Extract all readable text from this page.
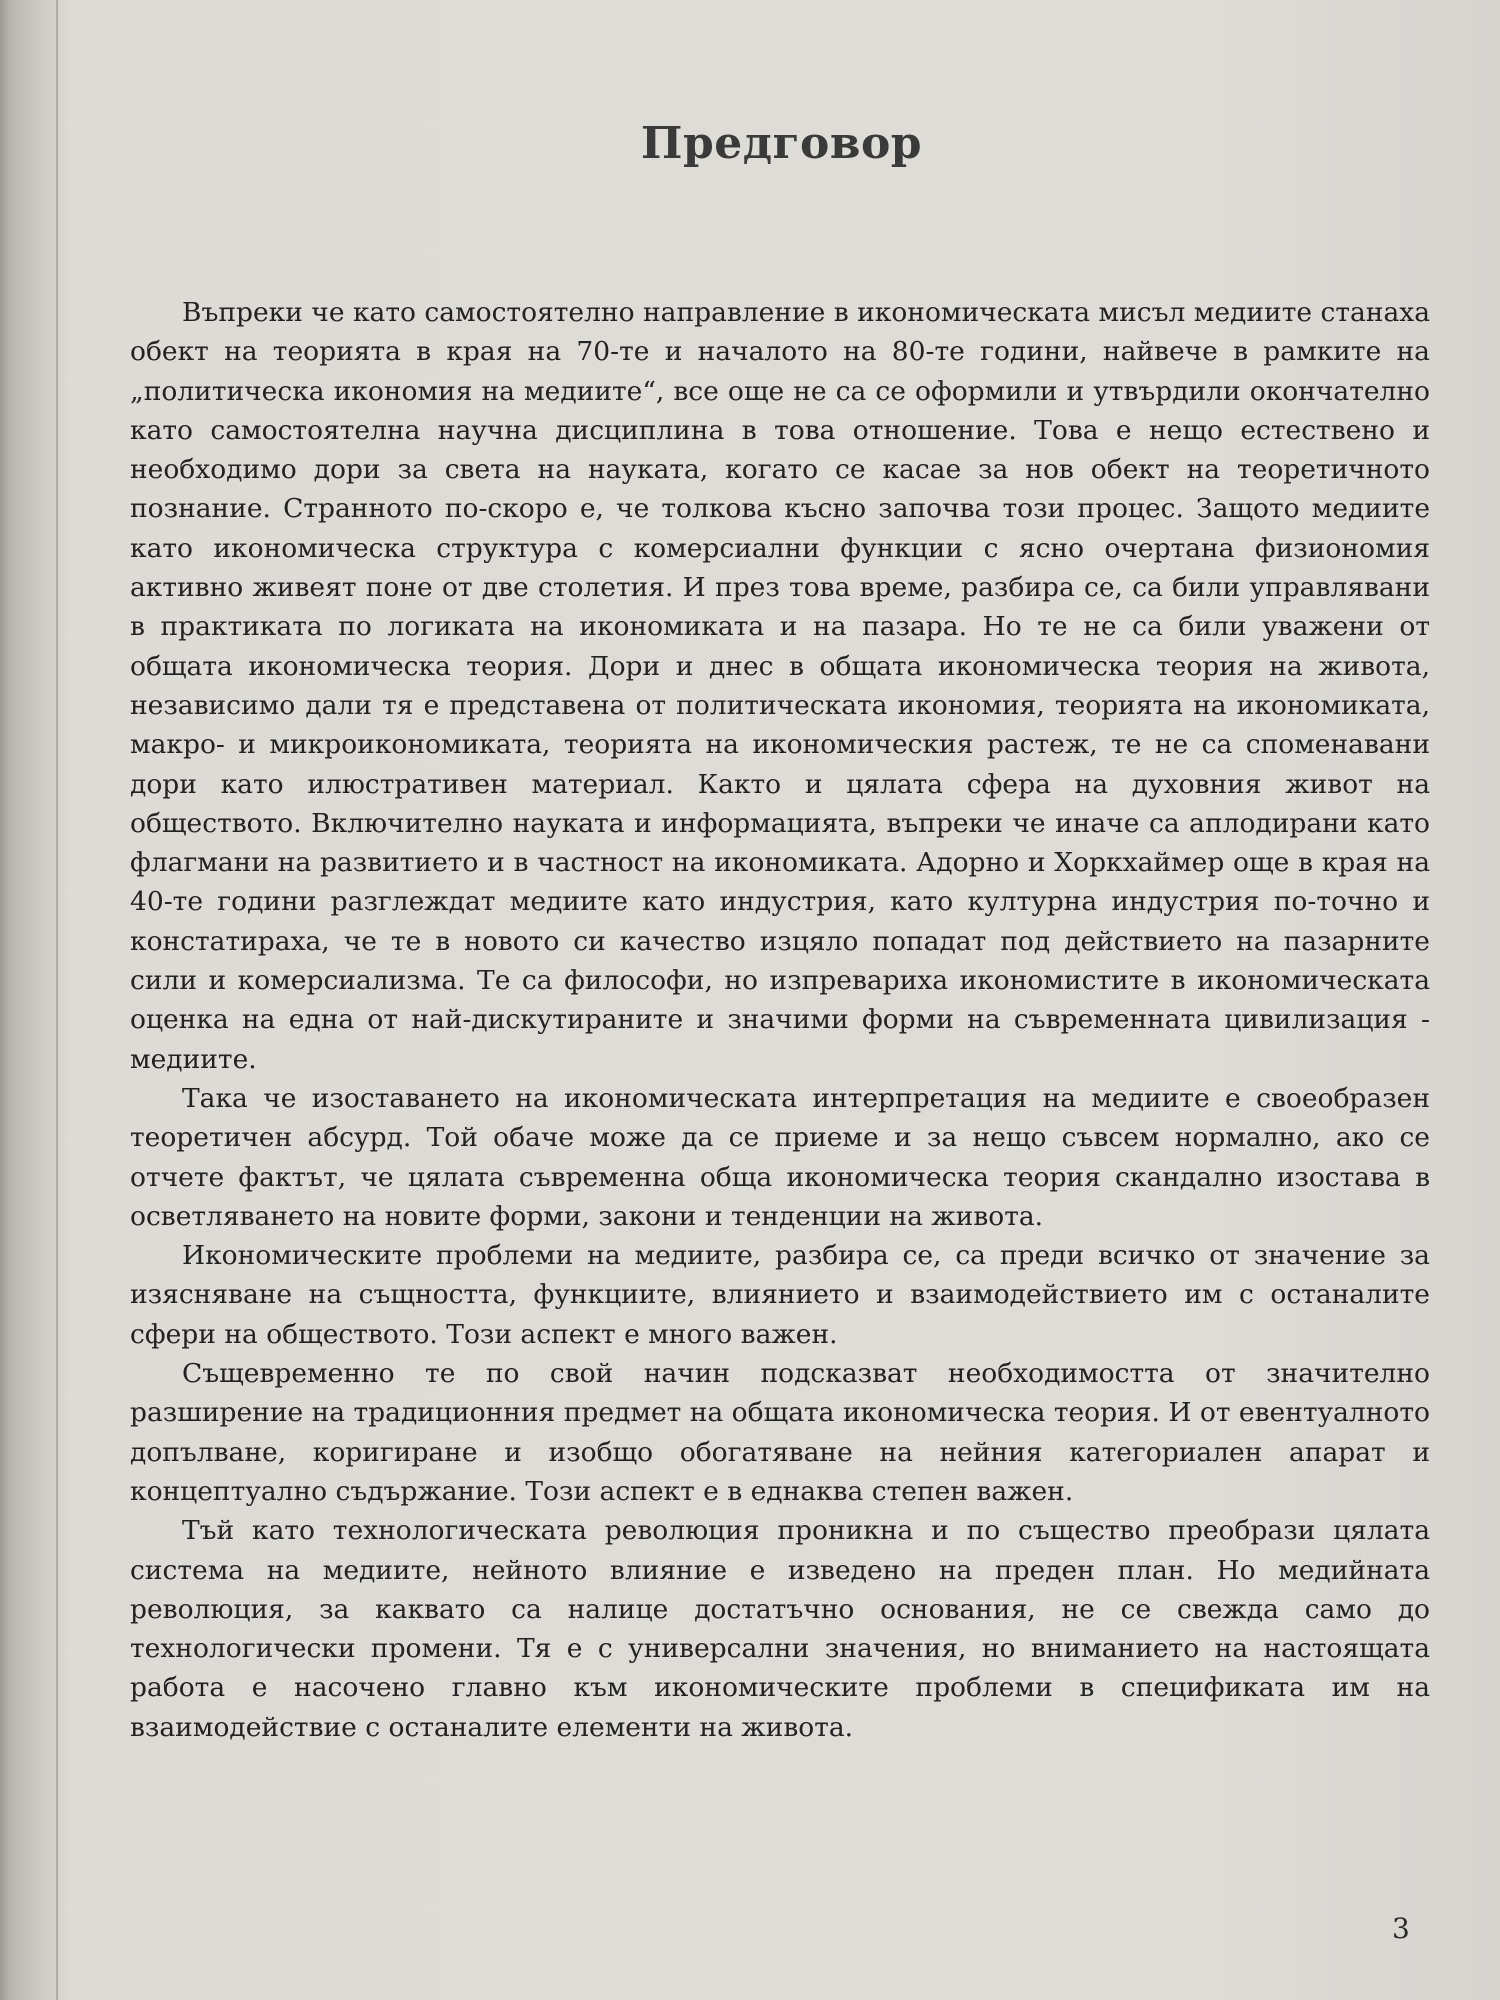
Предговор

Въпреки че като самостоятелно направление в икономическата мисъл медиите станаха обект на теорията в края на 70-те и началото на 80-те години, найвече в рамките на „политическа икономия на медиите“, все още не са се оформили и утвърдили окончателно като самостоятелна научна дисциплина в това отношение. Това е нещо естествено и необходимо дори за света на науката, когато се касае за нов обект на теоретичното познание. Странното по-скоро е, че толкова късно започва този процес. Защото медиите като икономическа структура с комерсиални функции с ясно очертана физиономия активно живеят поне от две столетия. И през това време, разбира се, са били управлявани в практиката по логиката на икономиката и на пазара. Но те не са били уважени от общата икономическа теория. Дори и днес в общата икономическа теория на живота, независимо дали тя е представена от политическата икономия, теорията на икономиката, макро- и микроикономиката, теорията на икономическия растеж, те не са споменавани дори като илюстративен материал. Както и цялата сфера на духовния живот на обществото. Включително науката и информацията, въпреки че иначе са аплодирани като флагмани на развитието и в частност на икономиката. Адорно и Хоркхаймер още в края на 40-те години разглеждат медиите като индустрия, като културна индустрия по-точно и констатираха, че те в новото си качество изцяло попадат под действието на пазарните сили и комерсиализма. Те са философи, но изпревариха икономистите в икономическата оценка на една от най-дискутираните и значими форми на съвременната цивилизация - медиите.

Така че изоставането на икономическата интерпретация на медиите е своеобразен теоретичен абсурд. Той обаче може да се приеме и за нещо съвсем нормално, ако се отчете фактът, че цялата съвременна обща икономическа теория скандално изостава в осветляването на новите форми, закони и тенденции на живота.

Икономическите проблеми на медиите, разбира се, са преди всичко от значение за изясняване на същността, функциите, влиянието и взаимодействието им с останалите сфери на обществото. Този аспект е много важен.

Същевременно те по свой начин подсказват необходимостта от значително разширение на традиционния предмет на общата икономическа теория. И от евентуалното допълване, коригиране и изобщо обогатяване на нейния категориален апарат и концептуално съдържание. Този аспект е в еднаква степен важен.

Тъй като технологическата революция проникна и по същество преобрази цялата система на медиите, нейното влияние е изведено на преден план. Но медийната революция, за каквато са налице достатъчно основания, не се свежда само до технологически промени. Тя е с универсални значения, но вниманието на настоящата работа е насочено главно към икономическите проблеми в спецификата им на взаимодействие с останалите елементи на живота.

3
